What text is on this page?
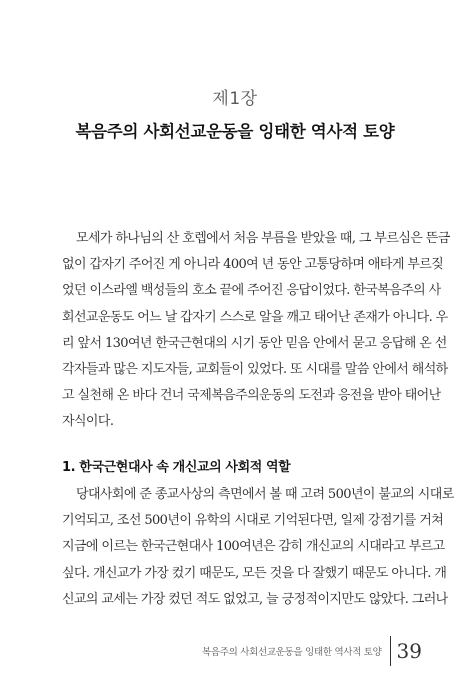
제1장
복음주의 사회선교운동을 잉태한 역사적 토양
모세가 하나님의 산 호렙에서 처음 부름을 받았을 때, 그 부르심은 뜬금
없이 갑자기 주어진 게 아니라 400여 년 동안 고통당하며 애타게 부르짖
었던 이스라엘 백성들의 호소 끝에 주어진 응답이었다. 한국복음주의 사
회선교운동도 어느 날 갑자기 스스로 알을 깨고 태어난 존재가 아니다. 우
리 앞서 130여년 한국근현대의 시기 동안 믿음 안에서 묻고 응답해 온 선
각자들과 많은 지도자들, 교회들이 있었다. 또 시대를 말씀 안에서 해석하
고 실천해 온 바다 건너 국제복음주의운동의 도전과 응전을 받아 태어난
자식이다.
1. 한국근현대사 속 개신교의 사회적 역할
당대사회에 준 종교사상의 측면에서 볼 때 고려 500년이 불교의 시대로
기억되고, 조선 500년이 유학의 시대로 기억된다면, 일제 강점기를 거쳐
지금에 이르는 한국근현대사 100여년은 감히 개신교의 시대라고 부르고
싶다. 개신교가 가장 컸기 때문도, 모든 것을 다 잘했기 때문도 아니다. 개
신교의 교세는 가장 컸던 적도 없었고, 늘 긍정적이지만도 않았다. 그러나
복음주의 사회선교운동을 잉태한 역사적 토양 39
